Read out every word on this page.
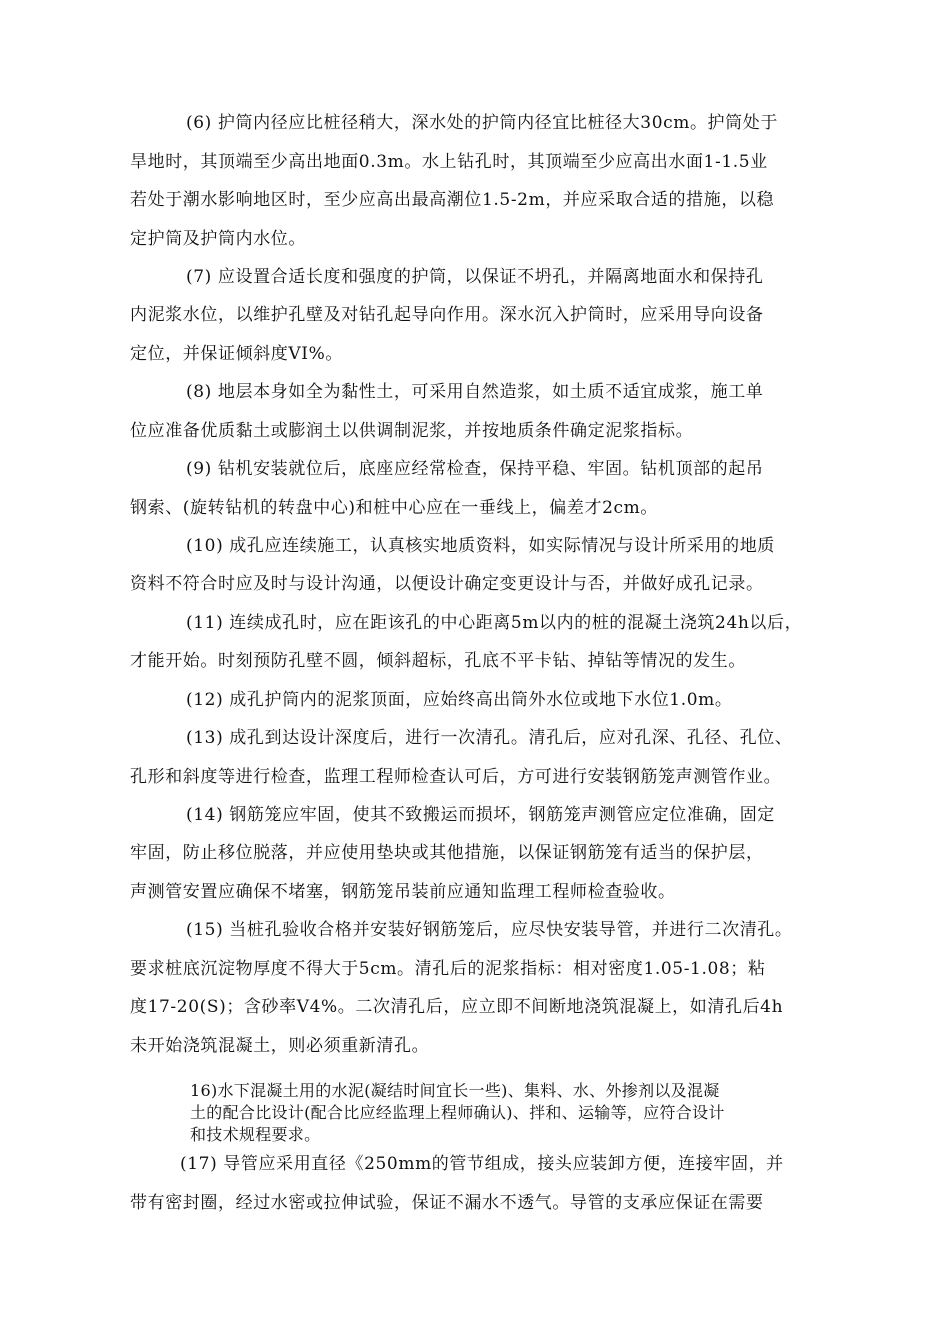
(6) 护筒内径应比桩径稍大，深水处的护筒内径宜比桩径大30cm。护筒处于
旱地时，其顶端至少高出地面0.3m。水上钻孔时，其顶端至少应高出水面1-1.5业
若处于潮水影响地区时，至少应高出最高潮位1.5-2m，并应采取合适的措施，以稳
定护筒及护筒内水位。
(7) 应设置合适长度和强度的护筒，以保证不坍孔，并隔离地面水和保持孔
内泥浆水位，以维护孔壁及对钻孔起导向作用。深水沉入护筒时，应采用导向设备
定位，并保证倾斜度VI%。
(8) 地层本身如全为黏性土，可采用自然造浆，如土质不适宜成浆，施工单
位应准备优质黏土或膨润土以供调制泥浆，并按地质条件确定泥浆指标。
(9) 钻机安装就位后，底座应经常检查，保持平稳、牢固。钻机顶部的起吊
钢索、(旋转钻机的转盘中心)和桩中心应在一垂线上，偏差才2cm。
(10) 成孔应连续施工，认真核实地质资料，如实际情况与设计所采用的地质
资料不符合时应及时与设计沟通，以便设计确定变更设计与否，并做好成孔记录。
(11) 连续成孔时，应在距该孔的中心距离5m以内的桩的混凝土浇筑24h以后，
才能开始。时刻预防孔壁不圆，倾斜超标，孔底不平卡钻、掉钻等情况的发生。
(12) 成孔护筒内的泥浆顶面，应始终高出筒外水位或地下水位1.0m。
(13) 成孔到达设计深度后，进行一次清孔。清孔后，应对孔深、孔径、孔位、
孔形和斜度等进行检查，监理工程师检查认可后，方可进行安装钢筋笼声测管作业。
(14) 钢筋笼应牢固，使其不致搬运而损坏，钢筋笼声测管应定位准确，固定
牢固，防止移位脱落，并应使用垫块或其他措施，以保证钢筋笼有适当的保护层，
声测管安置应确保不堵塞，钢筋笼吊装前应通知监理工程师检查验收。
(15) 当桩孔验收合格并安装好钢筋笼后，应尽快安装导管，并进行二次清孔。
要求桩底沉淀物厚度不得大于5cm。清孔后的泥浆指标：相对密度1.05-1.08；粘
度17-20(S)；含砂率V4%。二次清孔后，应立即不间断地浇筑混凝上，如清孔后4h
未开始浇筑混凝土，则必须重新清孔。
16)水下混凝土用的水泥(凝结时间宜长一些)、集料、水、外掺剂以及混凝
土的配合比设计(配合比应经监理上程师确认)、拌和、运输等，应符合设计
和技术规程要求。
(17) 导管应采用直径《250mm的管节组成，接头应装卸方便，连接牢固，并
带有密封圈，经过水密或拉伸试验，保证不漏水不透气。导管的支承应保证在需要
